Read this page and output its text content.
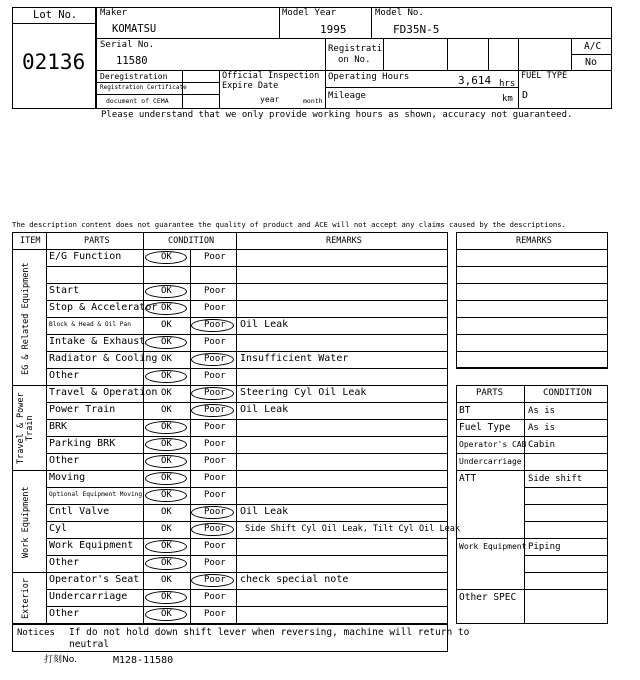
Lot No.
02136
Maker
KOMATSU
Model Year
1995
Model No.
FD35N-5
Serial No.
11580
Registrati
on No.
A/C
No
Deregistration
Registration Certificate
document of CEMA
Official Inspection
Expire Date
year	month
Operating Hours	3,614 hrs
km
Mileage
FUEL TYPE
D
Please understand that we only provide working hours as shown, accuracy not guaranteed.
The description content does not guarantee the quality of product and ACE will not accept any claims caused by the descriptions.
ITEM	PARTS	CONDITION	REMARKS
EG & Related Equipment
Travel & Power
Train
Work Equipment
Exterior
E/G Function	OK	Poor
Start	OK	Poor
Stop & Accelerator OK	Poor
Block & Head & Oil Pan	OK	Poor Oil Leak
Intake & Exhaust OK	Poor
Radiator & Cooling OK	Poor Insufficient Water
Other	OK	Poor
Travel & Operation OK	Poor Steering Cyl Oil Leak
Power Train	OK	Poor Oil Leak
BRK	OK	Poor
Parking BRK	OK	Poor
Other	OK	Poor
Moving	OK	Poor
Optional Equipment Moving OK	Poor
Cntl Valve	OK	Poor Oil Leak
Cyl	OK	Poor Side Shift Cyl Oil Leak, Tilt Cyl Oil Leak
Work Equipment	OK	Poor
Other	OK	Poor
Operator's Seat OK	Poor check special note
Undercarriage	OK	Poor
Other	OK	Poor
Notices If do not hold down shift lever when reversing, machine will return to
neutral
REMARKS
PARTS	CONDITION
BT	As is
Fuel Type As is
Operator's CAB Cabin
Undercarriage
ATT	Side shift
Work Equipment Piping
Other SPEC
打刻No.	M128-11580
